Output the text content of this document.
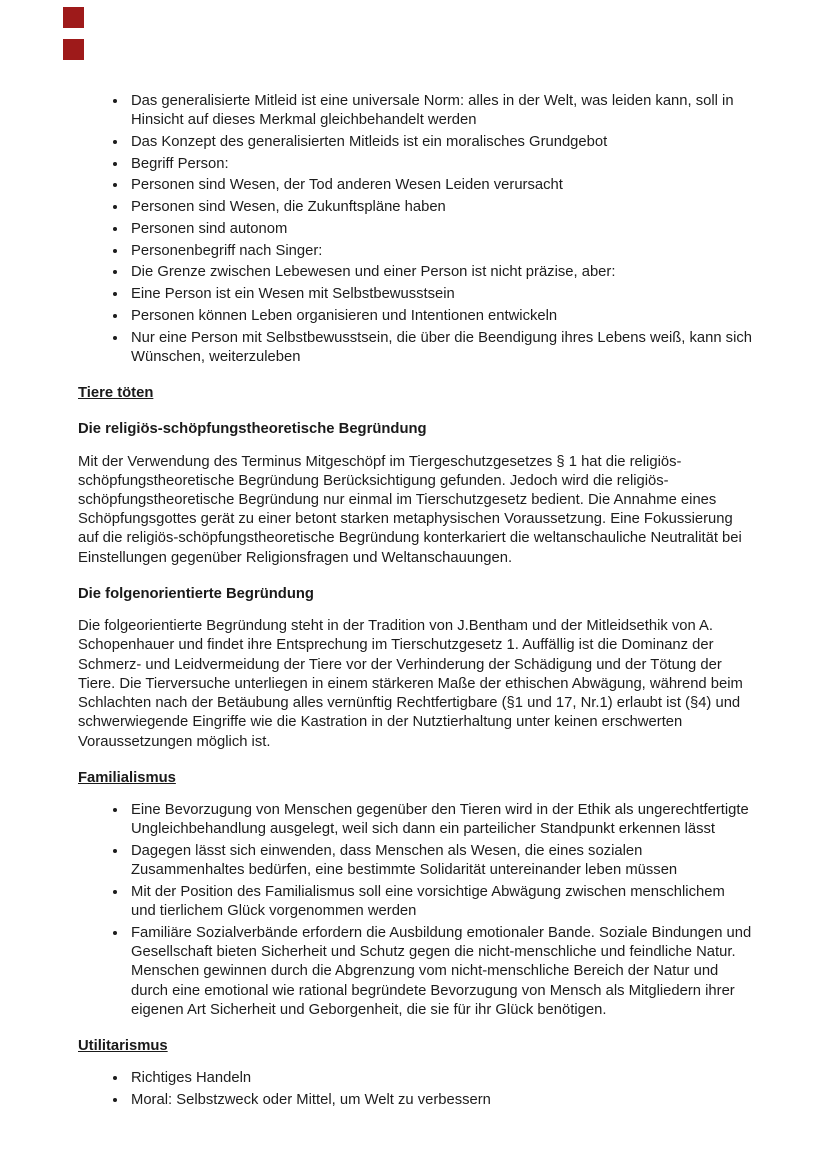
• Das generalisierte Mitleid ist eine universale Norm: alles in der Welt, was leiden kann, soll in Hinsicht auf dieses Merkmal gleichbehandelt werden
• Das Konzept des generalisierten Mitleids ist ein moralisches Grundgebot
• Begriff Person:
• Personen sind Wesen, der Tod anderen Wesen Leiden verursacht
• Personen sind Wesen, die Zukunftspläne haben
• Personen sind autonom
• Personenbegriff nach Singer:
• Die Grenze zwischen Lebewesen und einer Person ist nicht präzise, aber:
• Eine Person ist ein Wesen mit Selbstbewusstsein
• Personen können Leben organisieren und Intentionen entwickeln
• Nur eine Person mit Selbstbewusstsein, die über die Beendigung ihres Lebens weiß, kann sich Wünschen, weiterzuleben
Tiere töten
Die religiös-schöpfungstheoretische Begründung

Mit der Verwendung des Terminus Mitgeschöpf im Tiergeschutzgesetzes § 1 hat die religiös-schöpfungstheoretische Begründung Berücksichtigung gefunden. Jedoch wird die religiös-schöpfungstheoretische Begründung nur einmal im Tierschutzgesetz bedient. Die Annahme eines Schöpfungsgottes gerät zu einer betont starken metaphysischen Voraussetzung. Eine Fokussierung auf die religiös-schöpfungstheoretische Begründung konterkariert die weltanschauliche Neutralität bei Einstellungen gegenüber Religionsfragen und Weltanschauungen.

Die folgenorientierte Begründung

Die folgeorientierte Begründung steht in der Tradition von J.Bentham und der Mitleidsethik von A. Schopenhauer und findet ihre Entsprechung im Tierschutzgesetz 1. Auffällig ist die Dominanz der Schmerz- und Leidvermeidung der Tiere vor der Verhinderung der Schädigung und der Tötung der Tiere. Die Tierversuche unterliegen in einem stärkeren Maße der ethischen Abwägung, während beim Schlachten nach der Betäubung alles vernünftig Rechtfertigbare (§1 und 17, Nr.1) erlaubt ist (§4) und schwerwiegende Eingriffe wie die Kastration in der Nutztierhaltung unter keinen erschwerten Voraussetzungen möglich ist.

Familialismus
• Eine Bevorzugung von Menschen gegenüber den Tieren wird in der Ethik als ungerechtfertigte Ungleichbehandlung ausgelegt, weil sich dann ein parteilicher Standpunkt erkennen lässt
• Dagegen lässt sich einwenden, dass Menschen als Wesen, die eines sozialen Zusammenhaltes bedürfen, eine bestimmte Solidarität untereinander leben müssen
• Mit der Position des Familialismus soll eine vorsichtige Abwägung zwischen menschlichem und tierlichem Glück vorgenommen werden
• Familiäre Sozialverbände erfordern die Ausbildung emotionaler Bande. Soziale Bindungen und Gesellschaft bieten Sicherheit und Schutz gegen die nicht-menschliche und feindliche Natur. Menschen gewinnen durch die Abgrenzung vom nicht-menschliche Bereich der Natur und durch eine emotional wie rational begründete Bevorzugung von Mensch als Mitgliedern ihrer eigenen Art Sicherheit und Geborgenheit, die sie für ihr Glück benötigen.
Utilitarismus
• Richtiges Handeln
• Moral: Selbstzweck oder Mittel, um Welt zu verbessern
